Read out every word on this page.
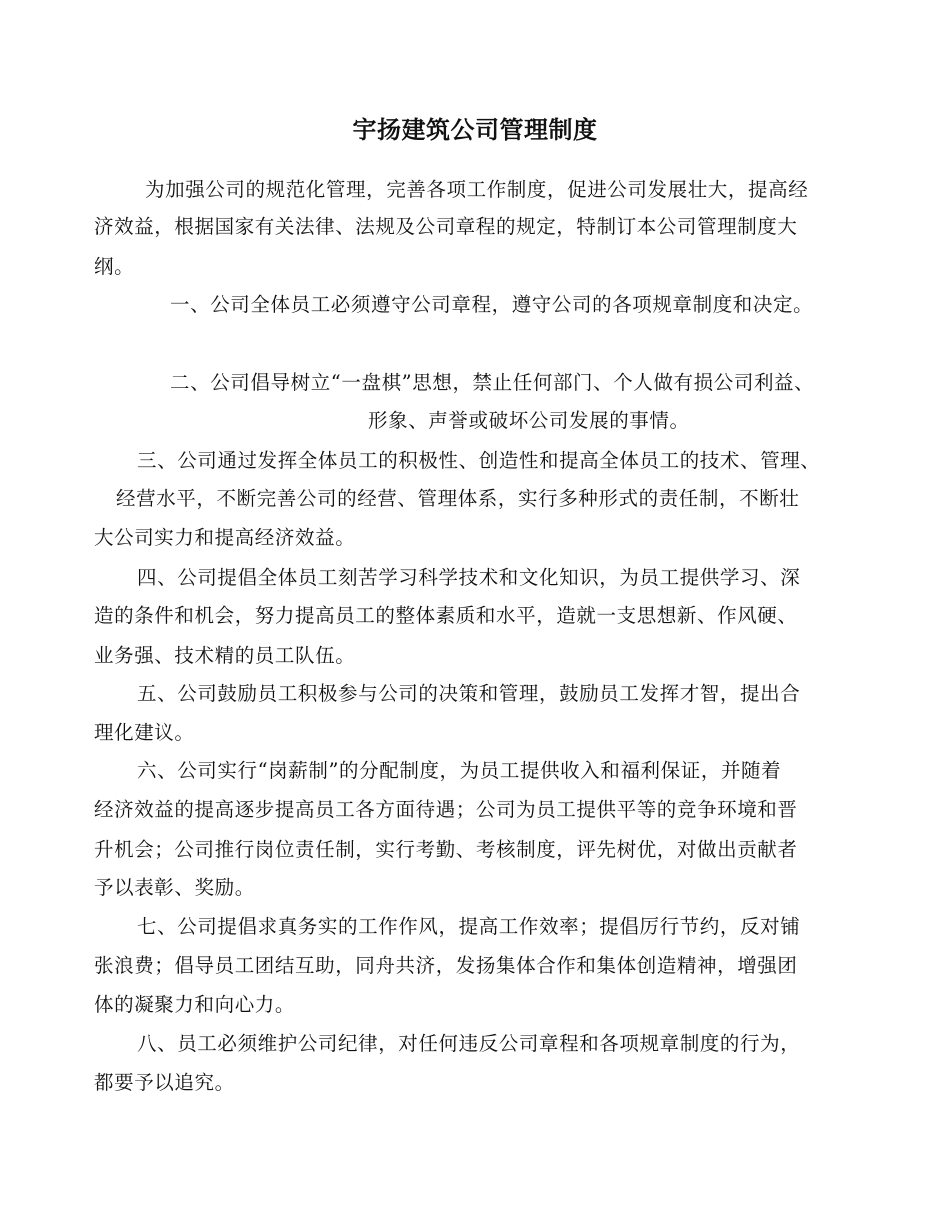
宇扬建筑公司管理制度
为加强公司的规范化管理，完善各项工作制度，促进公司发展壮大，提高经
济效益，根据国家有关法律、法规及公司章程的规定，特制订本公司管理制度大
纲。
一、公司全体员工必须遵守公司章程，遵守公司的各项规章制度和决定。
二、公司倡导树立“一盘棋”思想，禁止任何部门、个人做有损公司利益、
形象、声誉或破坏公司发展的事情。
三、公司通过发挥全体员工的积极性、创造性和提高全体员工的技术、管理、
经营水平，不断完善公司的经营、管理体系，实行多种形式的责任制，不断壮
大公司实力和提高经济效益。
四、公司提倡全体员工刻苦学习科学技术和文化知识，为员工提供学习、深
造的条件和机会，努力提高员工的整体素质和水平，造就一支思想新、作风硬、
业务强、技术精的员工队伍。
五、公司鼓励员工积极参与公司的决策和管理，鼓励员工发挥才智，提出合
理化建议。
六、公司实行“岗薪制”的分配制度，为员工提供收入和福利保证，并随着
经济效益的提高逐步提高员工各方面待遇；公司为员工提供平等的竞争环境和晋
升机会；公司推行岗位责任制，实行考勤、考核制度，评先树优，对做出贡献者
予以表彰、奖励。
七、公司提倡求真务实的工作作风，提高工作效率；提倡厉行节约，反对铺
张浪费；倡导员工团结互助，同舟共济，发扬集体合作和集体创造精神，增强团
体的凝聚力和向心力。
八、员工必须维护公司纪律，对任何违反公司章程和各项规章制度的行为，
都要予以追究。
